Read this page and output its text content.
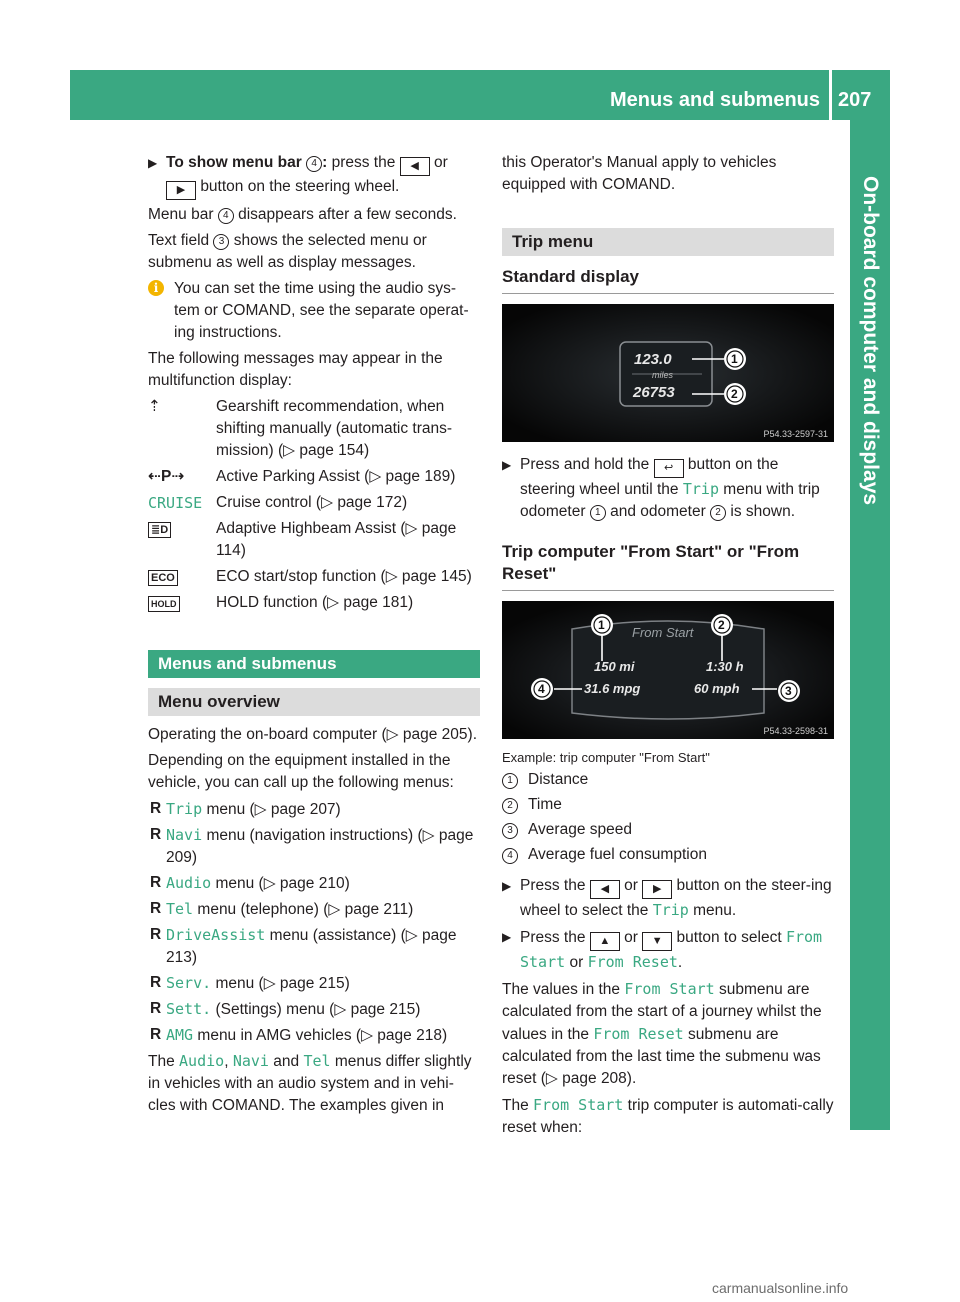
Menus and submenus 207
On-board computer and displays
▶ To show menu bar 4 : press the ◀ or ▶ button on the steering wheel.

Menu bar 4 disappears after a few seconds.

Text field 3 shows the selected menu or submenu as well as display messages.

i	You can set the time using the audio sys-tem or COMAND, see the separate operat-ing instructions.

The following messages may appear in the multifunction display:

⇡	Gearshift recommendation, when shifting manually (automatic trans-mission) (▷ page 154)
⇠P⇢	Active Parking Assist (▷ page 189)
CRUISE Cruise control (▷ page 172)
≣D	Adaptive Highbeam Assist (▷ page 114)
ECO	ECO start/stop function (▷ page 145)
HOLD	HOLD function (▷ page 181)
Menus and submenus
Menu overview

Operating the on-board computer (▷ page 205).

Depending on the equipment installed in the vehicle, you can call up the following menus:

R Trip menu (▷ page 207)
R Navi menu (navigation instructions) (▷ page 209)
R Audio menu (▷ page 210)
R Tel menu (telephone) (▷ page 211)
R DriveAssist menu (assistance) (▷ page 213)
R Serv. menu (▷ page 215)
R Sett. (Settings) menu (▷ page 215)
R AMG menu in AMG vehicles (▷ page 218)

The Audio, Navi and Tel menus differ slightly in vehicles with an audio system and in vehi-cles with COMAND. The examples given in

this Operator's Manual apply to vehicles equipped with COMAND.

Trip menu
Standard display
123.0
miles
26753
1
2
P54.33-2597-31
▶ Press and hold the ↩ button on the steering wheel until the Trip menu with trip odometer 1 and odometer 2 is shown.
Trip computer "From Start" or "From Reset"
From Start
150 mi	1:30 h
31.6 mpg	60 mph
1	2
3
4
P54.33-2598-31

Example: trip computer "From Start"

1 Distance
2 Time
3 Average speed
4 Average fuel consumption
▶ Press the ◀ or ▶ button on the steer-ing wheel to select the Trip menu.
▶ Press the ▲ or ▼ button to select From Start or From Reset.

The values in the From Start submenu are calculated from the start of a journey whilst the values in the From Reset submenu are calculated from the last time the submenu was reset (▷ page 208).

The From Start trip computer is automati-cally reset when:

carmanualsonline.info
